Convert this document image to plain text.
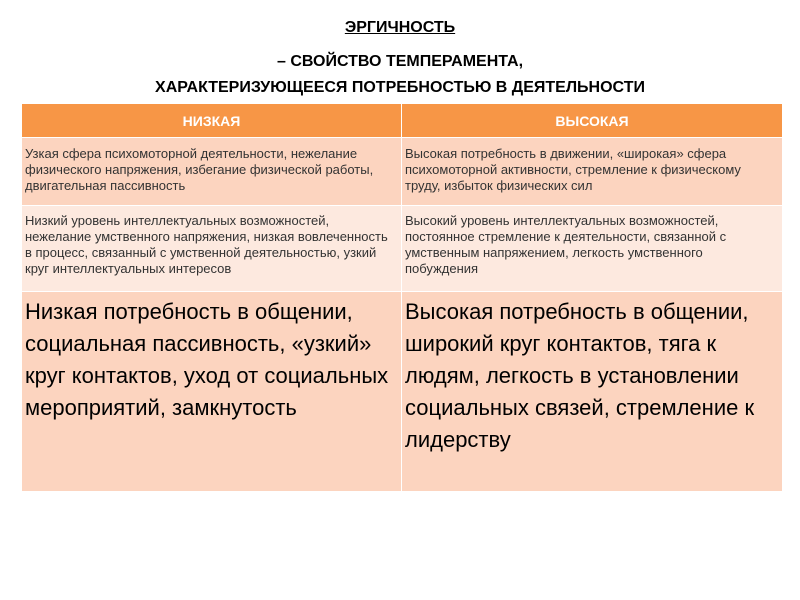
ЭРГИЧНОСТЬ
– СВОЙСТВО ТЕМПЕРАМЕНТА,
ХАРАКТЕРИЗУЮЩЕЕСЯ ПОТРЕБНОСТЬЮ В ДЕЯТЕЛЬНОСТИ
НИЗКАЯ	ВЫСОКАЯ
Узкая сфера психомоторной деятельности, нежелание физического напряжения, избегание физической работы, двигательная пассивность	Высокая потребность в движении, «широкая» сфера психомоторной активности, стремление к физическому труду, избыток физических сил
Низкий уровень интеллектуальных возможностей, нежелание умственного напряжения, низкая вовлеченность в процесс, связанный с умственной деятельностью, узкий круг интеллектуальных интересов	Высокий уровень интеллектуальных возможностей, постоянное стремление к деятельности, связанной с умственным напряжением, легкость умственного побуждения
Низкая потребность в общении, социальная пассивность, «узкий» круг контактов, уход от социальных мероприятий, замкнутость	Высокая потребность в общении, широкий круг контактов, тяга к людям, легкость в установлении социальных связей, стремление к лидерству
